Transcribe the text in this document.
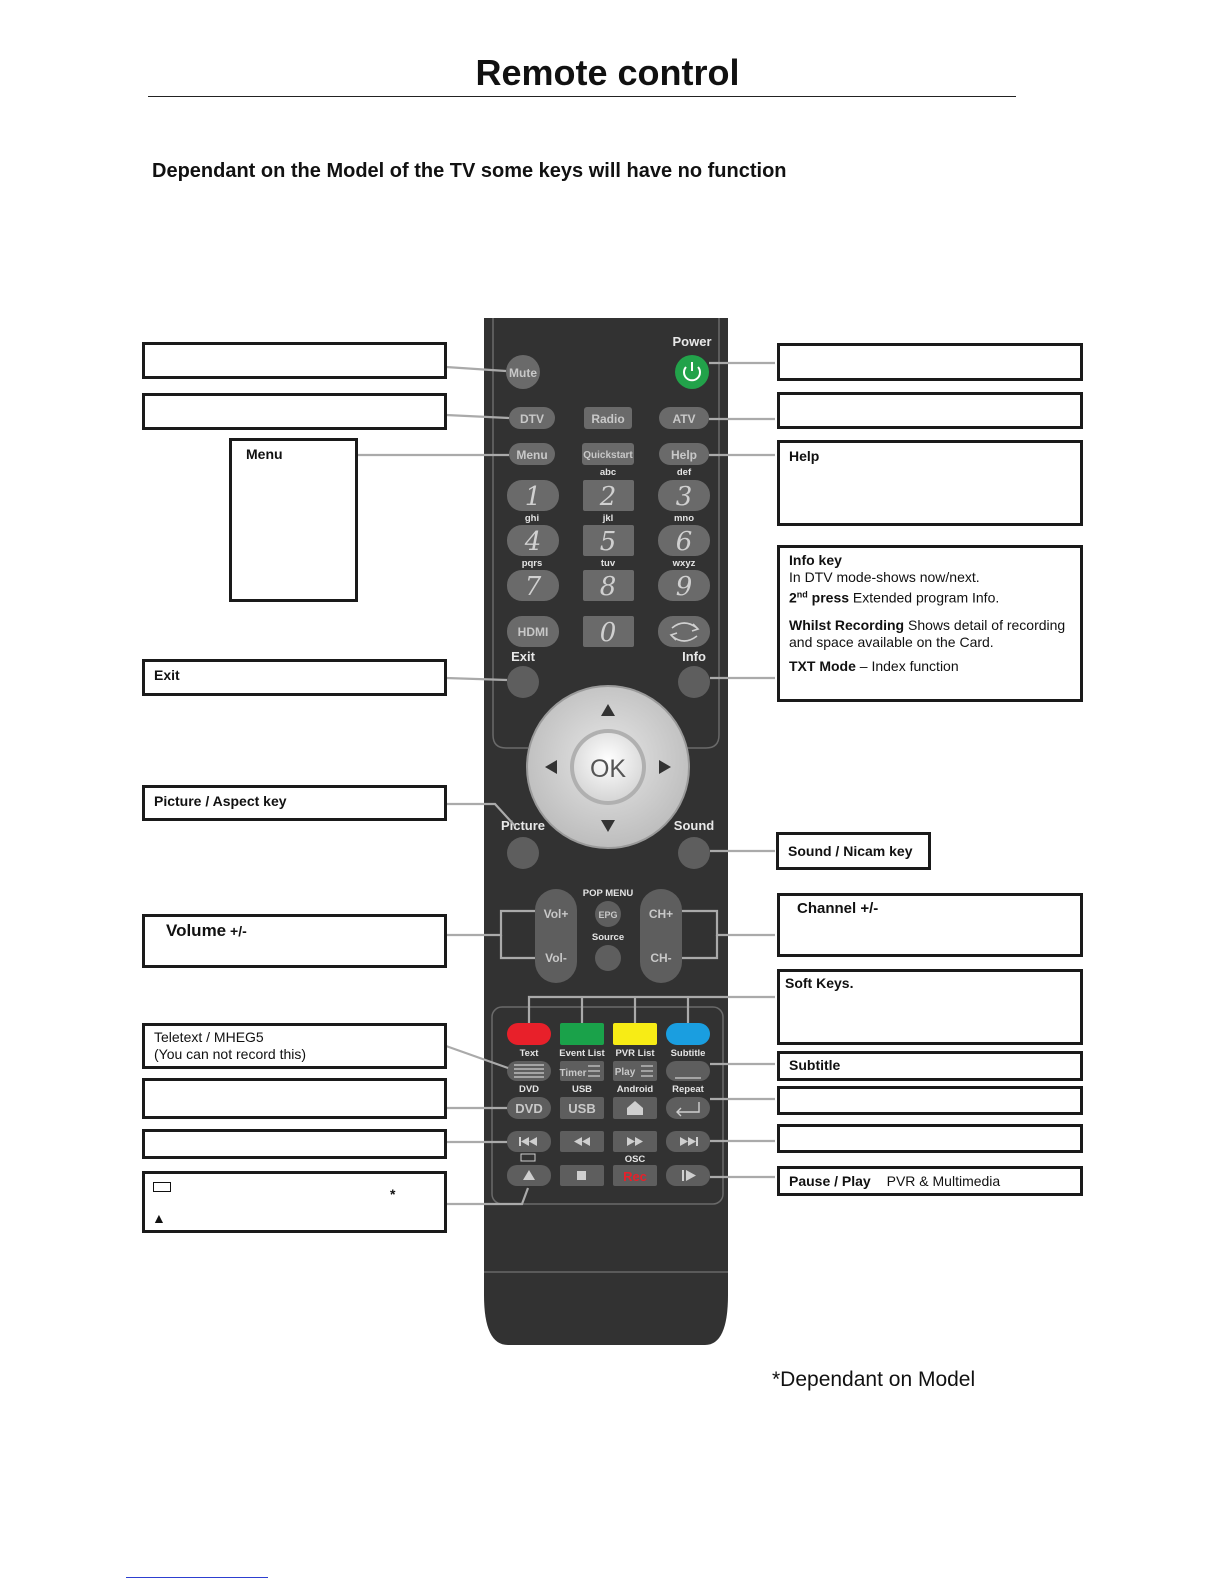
Remote control

Dependant on the Model of the TV some keys will have no function

Power
Mute
DTV	Radio	ATV
Menu	Quickstart	Help
abc	def
ghi	jkl	mno
pqrs	tuv	wxyz
1 2 3
4 5 6
7 8 9
HDMI 0
Exit	Info
OK
Picture	Sound
Vol+
Vol-
CH+
CH-
POP MENU
EPG
Source
Text Event List PVR List Subtitle
Timer	Play
DVD	USB	Android Repeat
DVD USB
OSC
Rec
Menu
Exit
Picture / Aspect key
Volume +/-

Teletext / MHEG5

(You can not record this)

*
▲
Help

Info key

In DTV mode-shows now/next.

2nd press Extended program Info.

Whilst Recording Shows detail of recording and space available on the Card.

TXT Mode – Index function

Sound / Nicam key
Channel +/-
Soft Keys.
Subtitle
Pause / Play PVR & Multimedia
*Dependant on Model
